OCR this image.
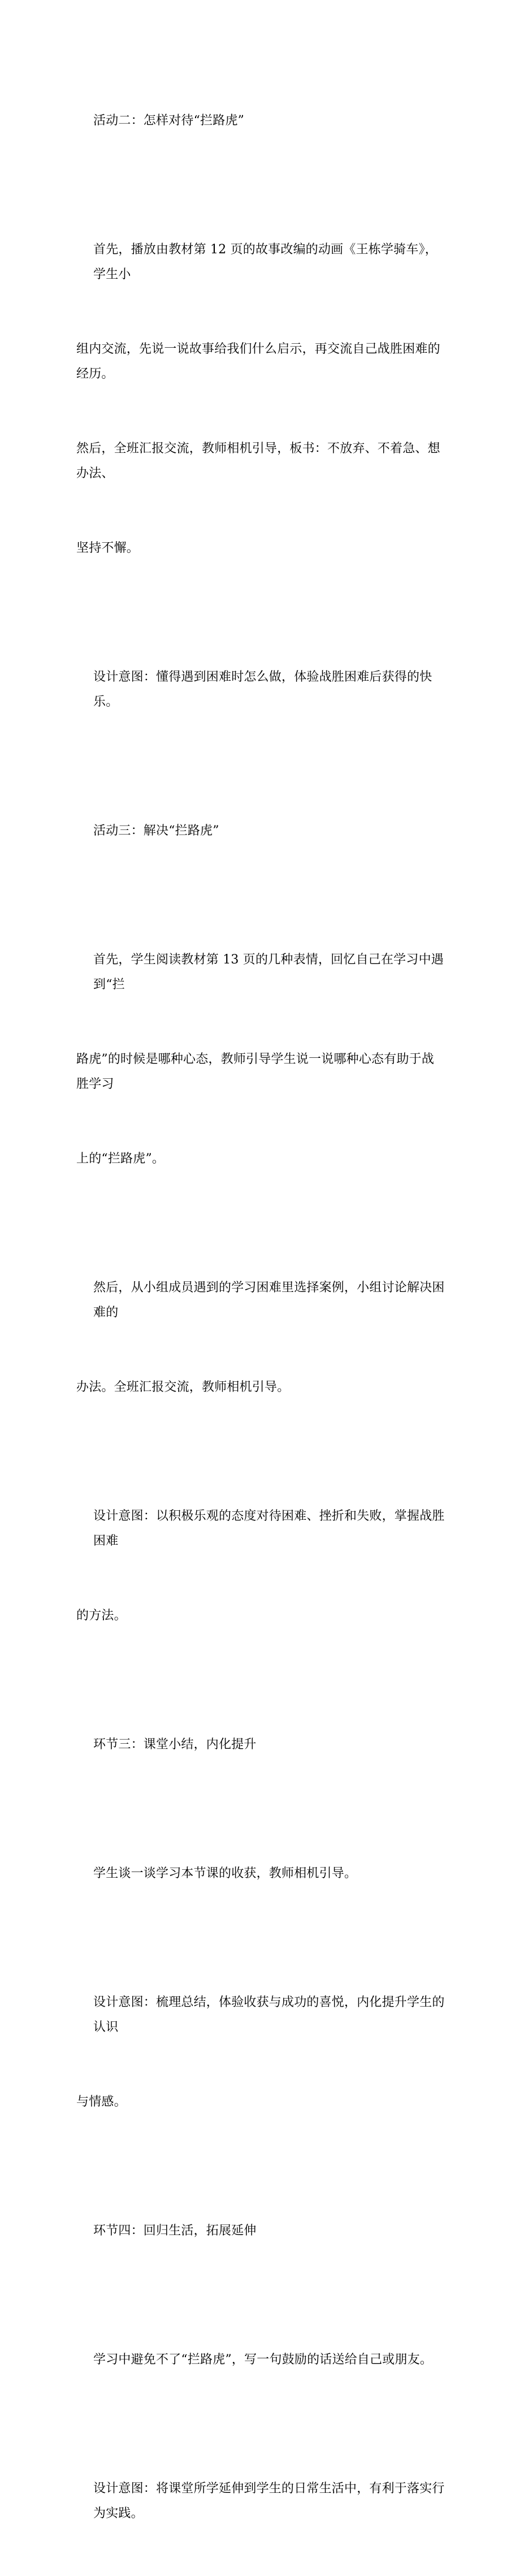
活动二：怎样对待“拦路虎”

首先，播放由教材第 12 页的故事改编的动画《王栋学骑车》，学生小

组内交流，先说一说故事给我们什么启示，再交流自己战胜困难的经历。

然后，全班汇报交流，教师相机引导，板书：不放弃、不着急、想办法、

坚持不懈。

设计意图：懂得遇到困难时怎么做，体验战胜困难后获得的快乐。

活动三：解决“拦路虎”

首先，学生阅读教材第 13 页的几种表情，回忆自己在学习中遇到“拦

路虎”的时候是哪种心态，教师引导学生说一说哪种心态有助于战胜学习

上的“拦路虎”。

然后，从小组成员遇到的学习困难里选择案例，小组讨论解决困难的

办法。全班汇报交流，教师相机引导。

设计意图：以积极乐观的态度对待困难、挫折和失败，掌握战胜困难

的方法。

环节三：课堂小结，内化提升

学生谈一谈学习本节课的收获，教师相机引导。

设计意图：梳理总结，体验收获与成功的喜悦，内化提升学生的认识

与情感。

环节四：回归生活，拓展延伸

学习中避免不了“拦路虎”，写一句鼓励的话送给自己或朋友。

设计意图：将课堂所学延伸到学生的日常生活中，有利于落实行为实践。
